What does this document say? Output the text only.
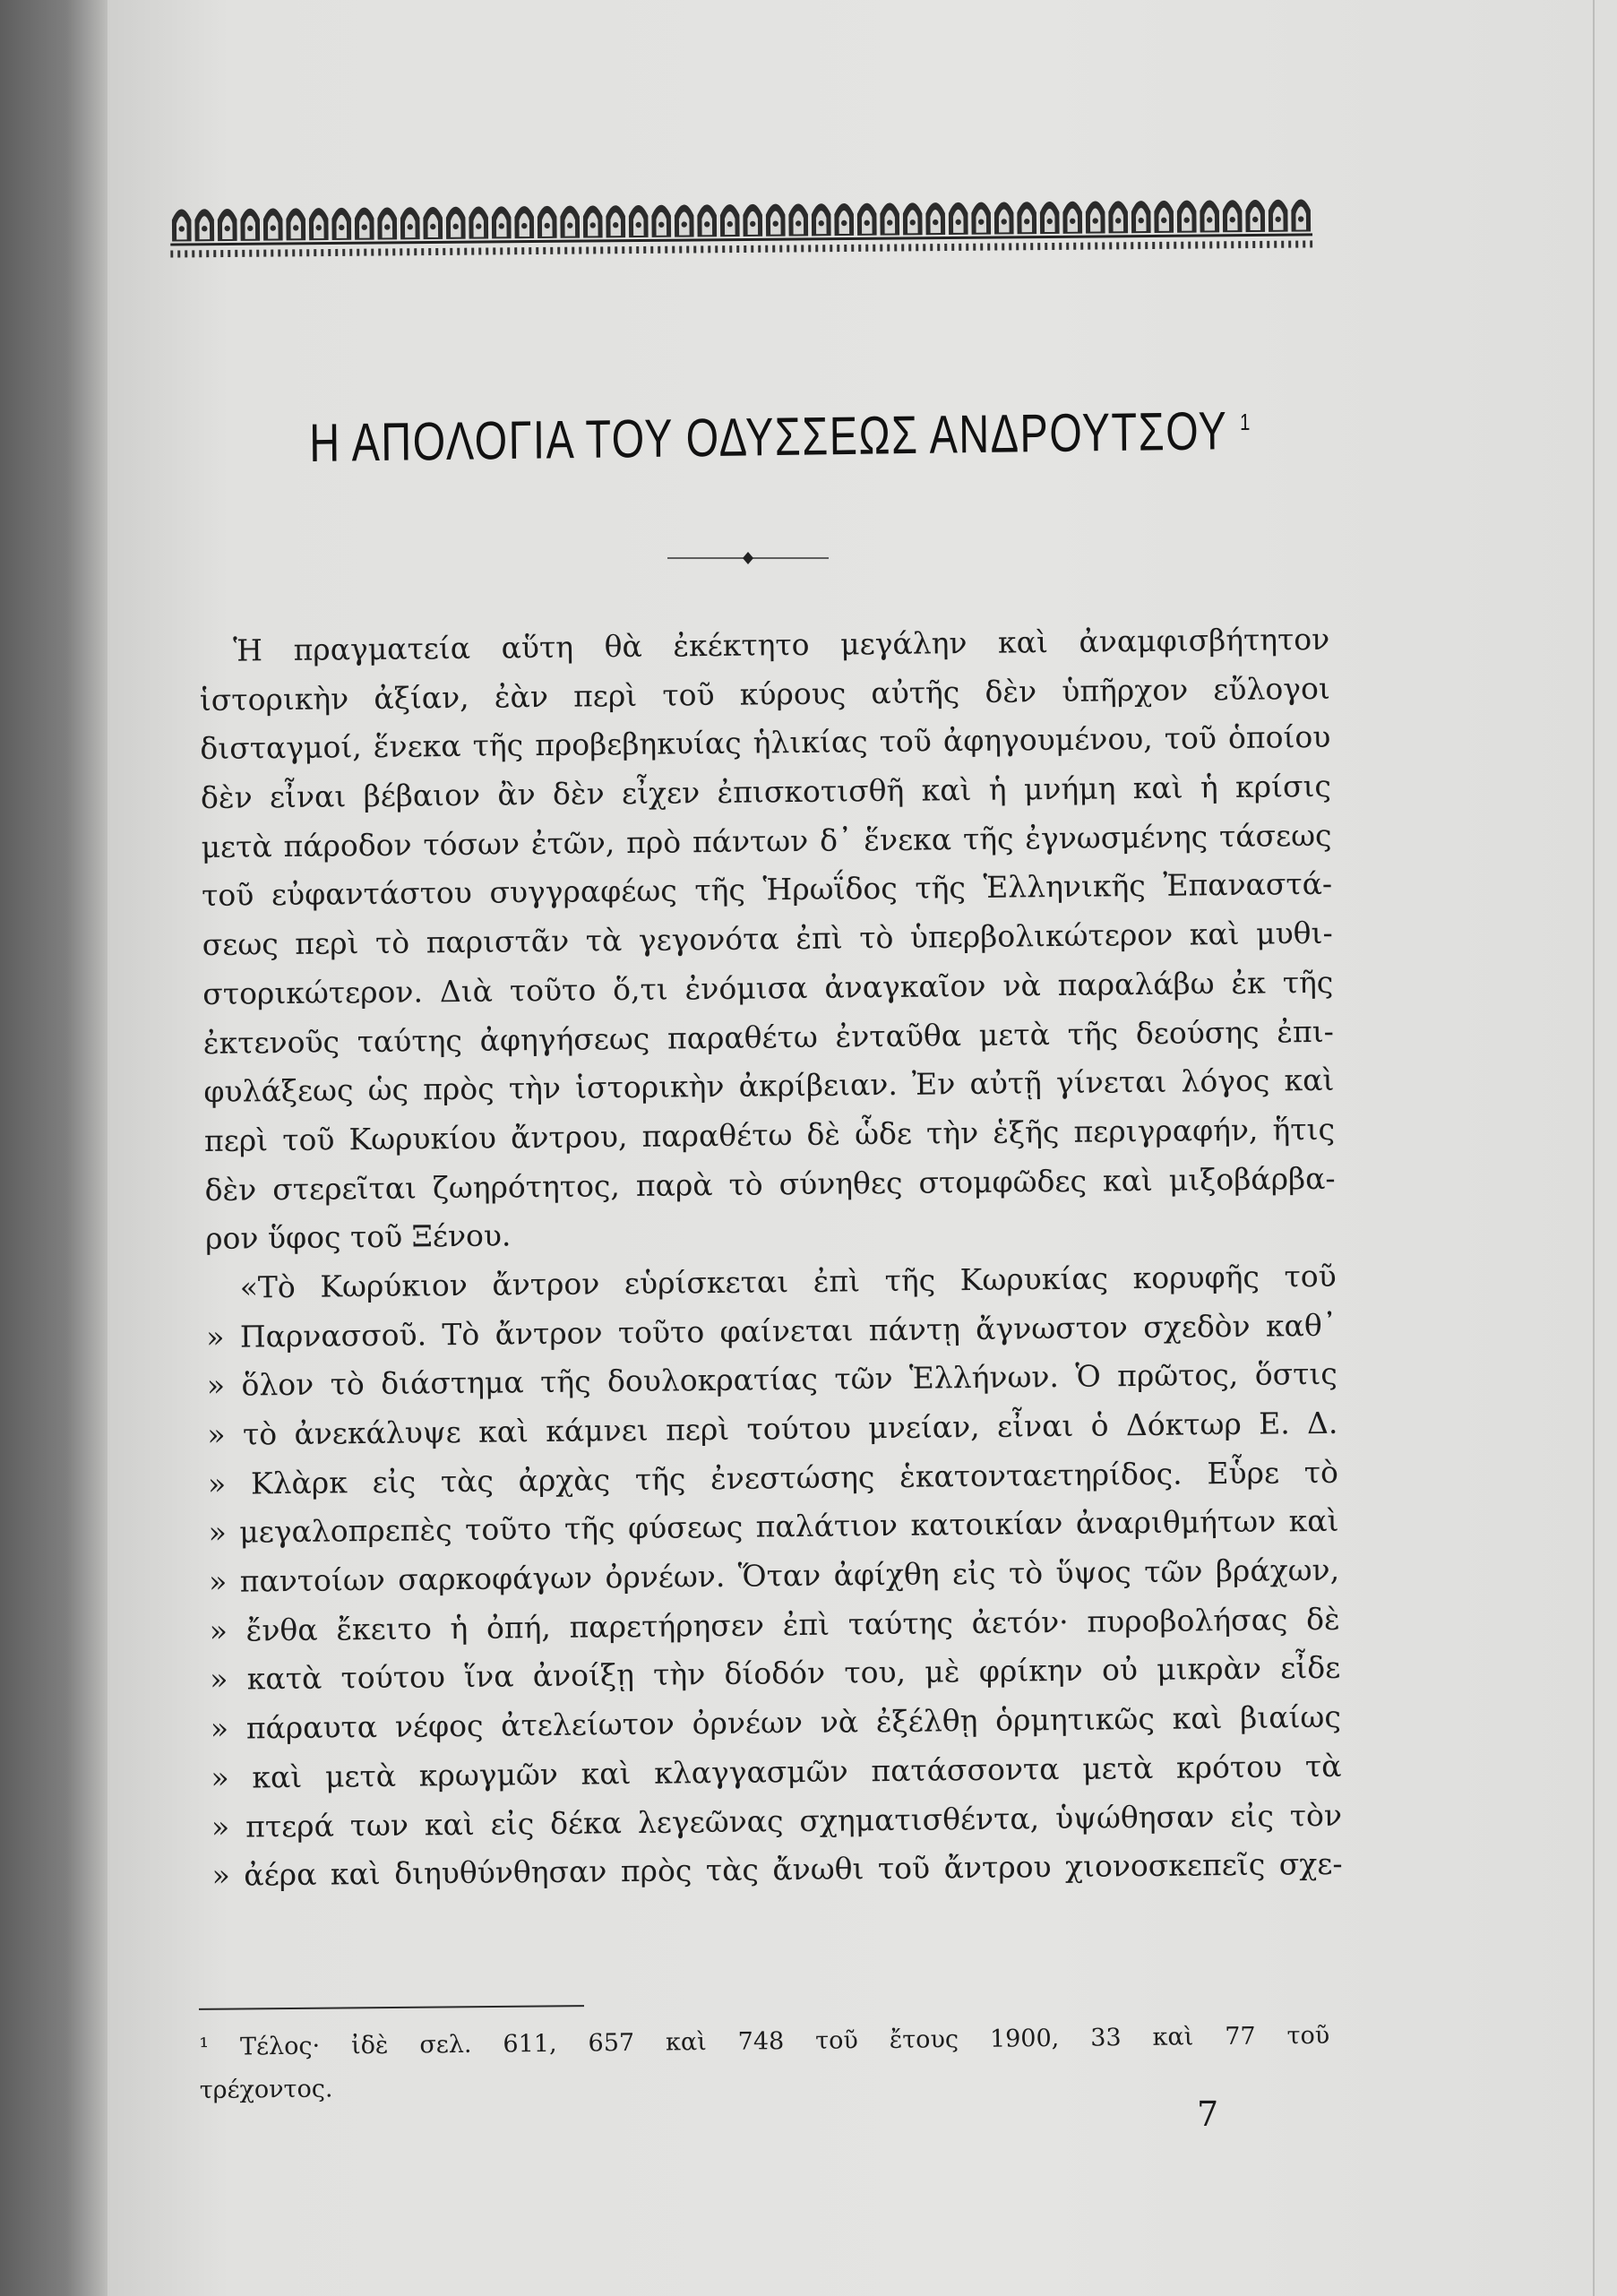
Η ΑΠΟΛΟΓΙΑ ΤΟΥ ΟΔΥΣΣΕΩΣ ΑΝΔΡΟΥΤΣΟΥ $^1$
Ἡ πραγματεία αὕτη θὰ ἐκέκτητο μεγάλην καὶ ἀναμφισβήτητον
ἱστορικὴν ἀξίαν, ἐὰν περὶ τοῦ κύρους αὐτῆς δὲν ὑπῆρχον εὔλογοι
δισταγμοί, ἕνεκα τῆς προβεβηκυίας ἡλικίας τοῦ ἀφηγουμένου, τοῦ ὁποίου
δὲν εἶναι βέβαιον ἂν δὲν εἶχεν ἐπισκοτισθῆ καὶ ἡ μνήμη καὶ ἡ κρίσις
μετὰ πάροδον τόσων ἐτῶν, πρὸ πάντων δ᾽ ἕνεκα τῆς ἐγνωσμένης τάσεως
τοῦ εὐφαντάστου συγγραφέως τῆς Ἡρωΐδος τῆς Ἑλληνικῆς Ἐπαναστά-
σεως περὶ τὸ παριστᾶν τὰ γεγονότα ἐπὶ τὸ ὑπερβολικώτερον καὶ μυθι-
στορικώτερον. Διὰ τοῦτο ὅ,τι ἐνόμισα ἀναγκαῖον νὰ παραλάβω ἐκ τῆς
ἐκτενοῦς ταύτης ἀφηγήσεως παραθέτω ἐνταῦθα μετὰ τῆς δεούσης ἐπι-
φυλάξεως ὡς πρὸς τὴν ἱστορικὴν ἀκρίβειαν. Ἐν αὐτῇ γίνεται λόγος καὶ
περὶ τοῦ Κωρυκίου ἄντρου, παραθέτω δὲ ὧδε τὴν ἑξῆς περιγραφήν, ἥτις
δὲν στερεῖται ζωηρότητος, παρὰ τὸ σύνηθες στομφῶδες καὶ μιξοβάρβα-
ρον ὕφος τοῦ Ξένου.
«Τὸ Κωρύκιον ἄντρον εὑρίσκεται ἐπὶ τῆς Κωρυκίας κορυφῆς τοῦ
» Παρνασσοῦ. Τὸ ἄντρον τοῦτο φαίνεται πάντῃ ἄγνωστον σχεδὸν καθ᾽
» ὅλον τὸ διάστημα τῆς δουλοκρατίας τῶν Ἑλλήνων. Ὁ πρῶτος, ὅστις
» τὸ ἀνεκάλυψε καὶ κάμνει περὶ τούτου μνείαν, εἶναι ὁ Δόκτωρ Ε. Δ.
» Κλὰρκ εἰς τὰς ἀρχὰς τῆς ἐνεστώσης ἑκατονταετηρίδος. Εὗρε τὸ
» μεγαλοπρεπὲς τοῦτο τῆς φύσεως παλάτιον κατοικίαν ἀναριθμήτων καὶ
» παντοίων σαρκοφάγων ὀρνέων. Ὅταν ἀφίχθη εἰς τὸ ὕψος τῶν βράχων,
» ἔνθα ἔκειτο ἡ ὀπή, παρετήρησεν ἐπὶ ταύτης ἀετόν· πυροβολήσας δὲ
» κατὰ τούτου ἵνα ἀνοίξῃ τὴν δίοδόν του, μὲ φρίκην οὐ μικρὰν εἶδε
» πάραυτα νέφος ἀτελείωτον ὀρνέων νὰ ἐξέλθῃ ὁρμητικῶς καὶ βιαίως
» καὶ μετὰ κρωγμῶν καὶ κλαγγασμῶν πατάσσοντα μετὰ κρότου τὰ
» πτερά των καὶ εἰς δέκα λεγεῶνας σχηματισθέντα, ὑψώθησαν εἰς τὸν
» ἀέρα καὶ διηυθύνθησαν πρὸς τὰς ἄνωθι τοῦ ἄντρου χιονοσκεπεῖς σχε-
¹ Τέλος· ἰδὲ σελ. 611, 657 καὶ 748 τοῦ ἔτους 1900, 33 καὶ 77 τοῦ
τρέχοντος.
7
